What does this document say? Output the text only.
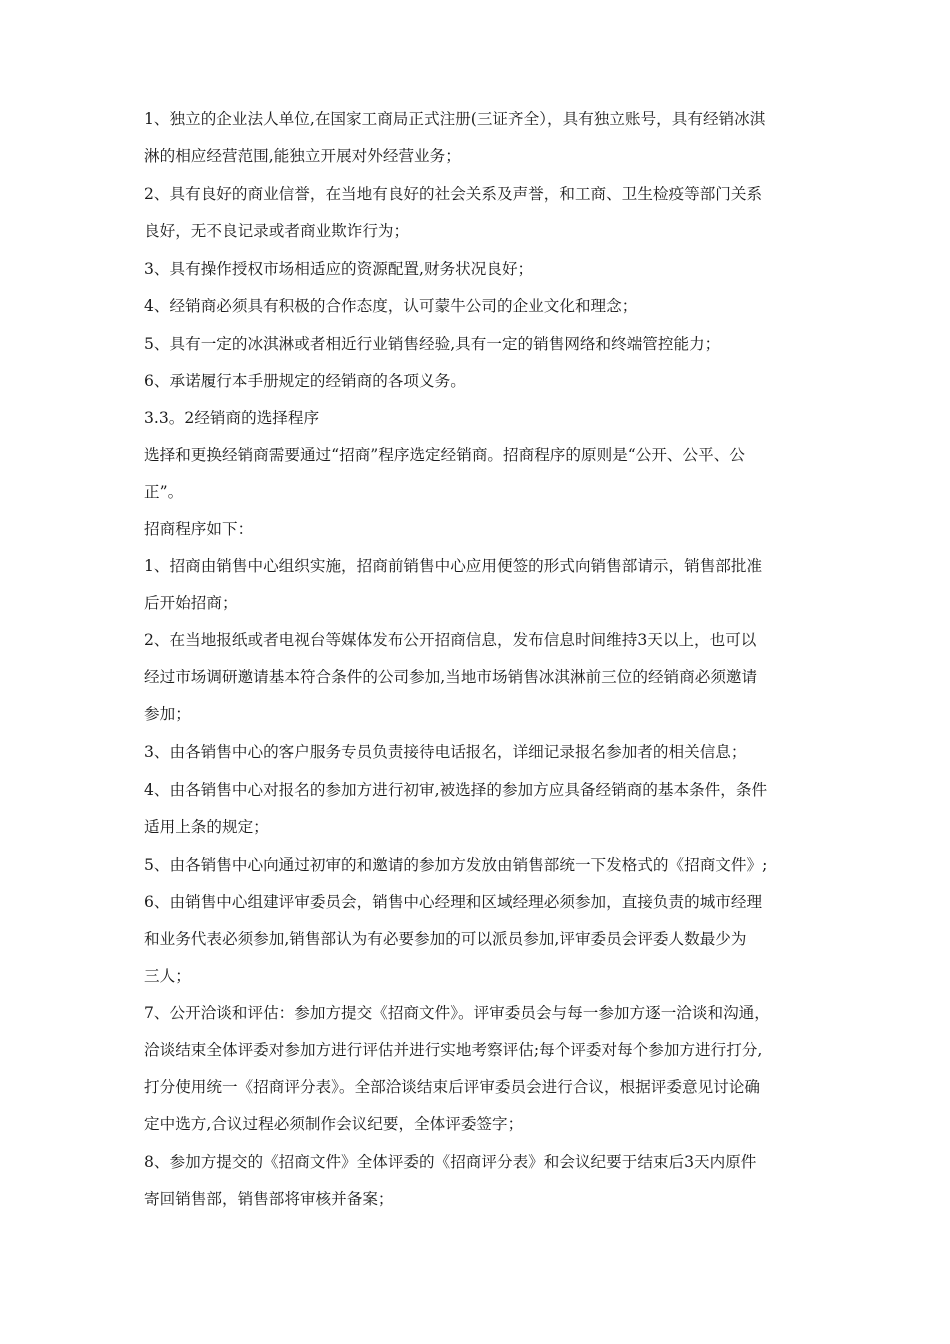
1、独立的企业法人单位,在国家工商局正式注册(三证齐全），具有独立账号，具有经销冰淇
淋的相应经营范围,能独立开展对外经营业务；
2、具有良好的商业信誉，在当地有良好的社会关系及声誉，和工商、卫生检疫等部门关系
良好，无不良记录或者商业欺诈行为；
3、具有操作授权市场相适应的资源配置,财务状况良好；
4、经销商必须具有积极的合作态度，认可蒙牛公司的企业文化和理念；
5、具有一定的冰淇淋或者相近行业销售经验,具有一定的销售网络和终端管控能力；
6、承诺履行本手册规定的经销商的各项义务。
3.3。2经销商的选择程序
选择和更换经销商需要通过“招商”程序选定经销商。招商程序的原则是“公开、公平、公
正”。
招商程序如下：
1、招商由销售中心组织实施，招商前销售中心应用便签的形式向销售部请示，销售部批准
后开始招商；
2、在当地报纸或者电视台等媒体发布公开招商信息，发布信息时间维持3天以上，也可以
经过市场调研邀请基本符合条件的公司参加,当地市场销售冰淇淋前三位的经销商必须邀请
参加；
3、由各销售中心的客户服务专员负责接待电话报名，详细记录报名参加者的相关信息；
4、由各销售中心对报名的参加方进行初审,被选择的参加方应具备经销商的基本条件，条件
适用上条的规定；
5、由各销售中心向通过初审的和邀请的参加方发放由销售部统一下发格式的《招商文件》;
6、由销售中心组建评审委员会，销售中心经理和区域经理必须参加，直接负责的城市经理
和业务代表必须参加,销售部认为有必要参加的可以派员参加,评审委员会评委人数最少为
三人；
7、公开洽谈和评估：参加方提交《招商文件》。评审委员会与每一参加方逐一洽谈和沟通，
洽谈结束全体评委对参加方进行评估并进行实地考察评估;每个评委对每个参加方进行打分,
打分使用统一《招商评分表》。全部洽谈结束后评审委员会进行合议，根据评委意见讨论确
定中选方,合议过程必须制作会议纪要，全体评委签字；
8、参加方提交的《招商文件》全体评委的《招商评分表》和会议纪要于结束后3天内原件
寄回销售部，销售部将审核并备案；
